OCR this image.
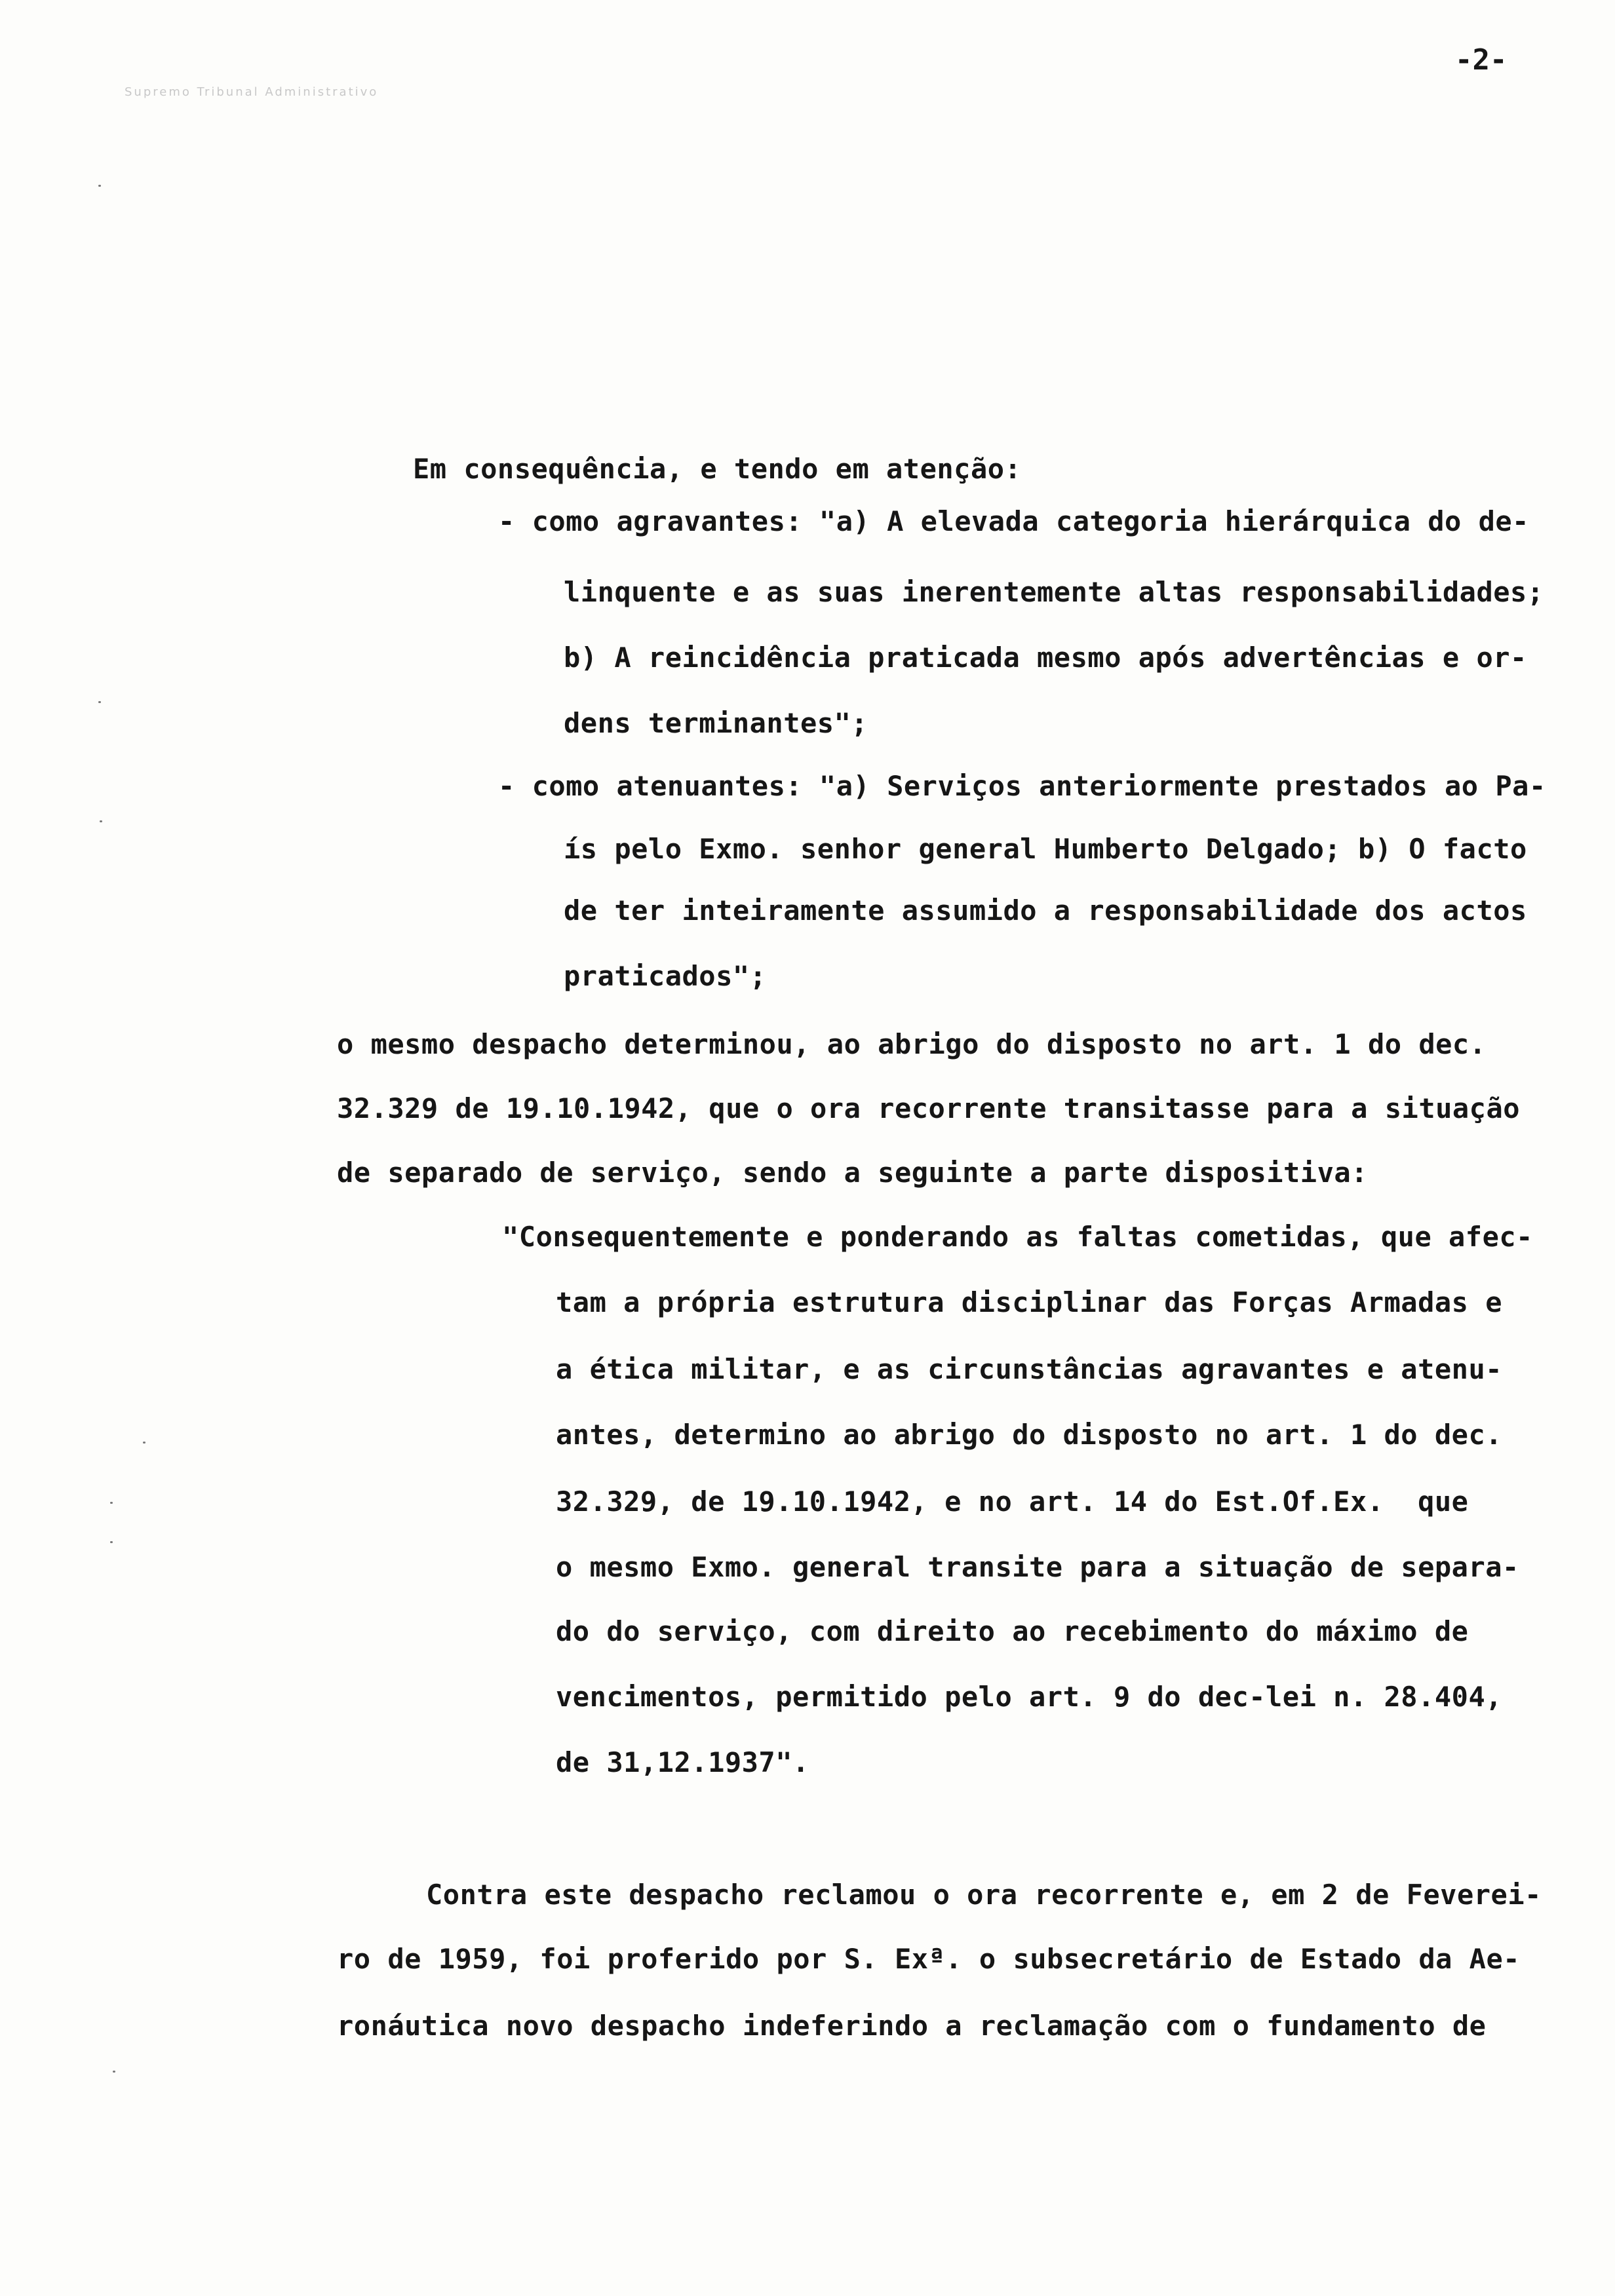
Supremo Tribunal Administrativo
-2-
Em consequência, e tendo em atenção:
- como agravantes: "a) A elevada categoria hierárquica do de-
linquente e as suas inerentemente altas responsabilidades;
b) A reincidência praticada mesmo após advertências e or-
dens terminantes";
- como atenuantes: "a) Serviços anteriormente prestados ao Pa-
ís pelo Exmo. senhor general Humberto Delgado; b) O facto
de ter inteiramente assumido a responsabilidade dos actos
praticados";
o mesmo despacho determinou, ao abrigo do disposto no art. 1 do dec.
32.329 de 19.10.1942, que o ora recorrente transitasse para a situação
de separado de serviço, sendo a seguinte a parte dispositiva:
"Consequentemente e ponderando as faltas cometidas, que afec-
tam a própria estrutura disciplinar das Forças Armadas e
a ética militar, e as circunstâncias agravantes e atenu-
antes, determino ao abrigo do disposto no art. 1 do dec.
32.329, de 19.10.1942, e no art. 14 do Est.Of.Ex.  que
o mesmo Exmo. general transite para a situação de separa-
do do serviço, com direito ao recebimento do máximo de
vencimentos, permitido pelo art. 9 do dec-lei n. 28.404,
de 31,12.1937".
Contra este despacho reclamou o ora recorrente e, em 2 de Feverei-
ro de 1959, foi proferido por S. Exª. o subsecretário de Estado da Ae-
ronáutica novo despacho indeferindo a reclamação com o fundamento de
